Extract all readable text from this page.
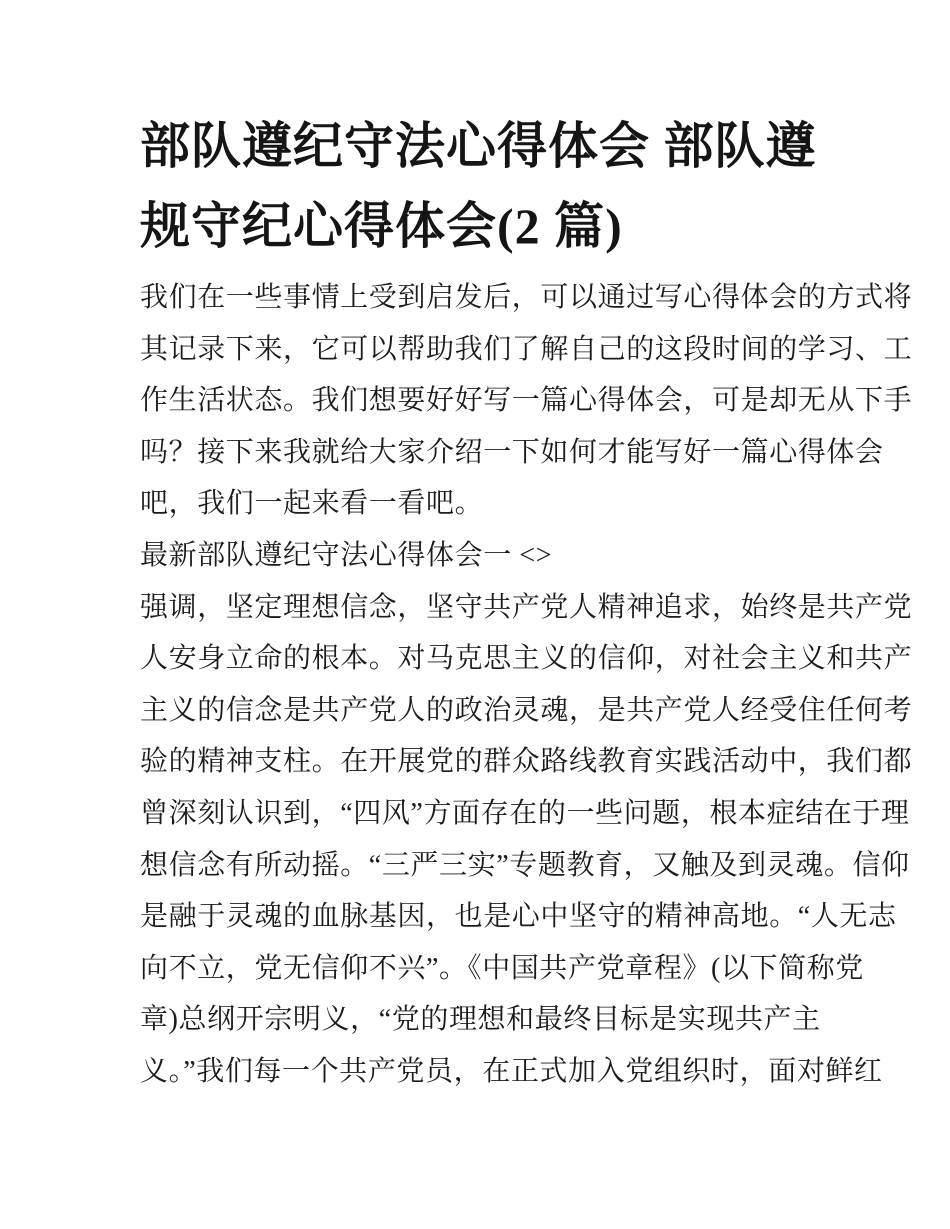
部队遵纪守法心得体会 部队遵
规守纪心得体会(2 篇)
我们在一些事情上受到启发后，可以通过写心得体会的方式将
其记录下来，它可以帮助我们了解自己的这段时间的学习、工
作生活状态。我们想要好好写一篇心得体会，可是却无从下手
吗？接下来我就给大家介绍一下如何才能写好一篇心得体会
吧，我们一起来看一看吧。
最新部队遵纪守法心得体会一 <>
强调，坚定理想信念，坚守共产党人精神追求，始终是共产党
人安身立命的根本。对马克思主义的信仰，对社会主义和共产
主义的信念是共产党人的政治灵魂，是共产党人经受住任何考
验的精神支柱。在开展党的群众路线教育实践活动中，我们都
曾深刻认识到，“四风”方面存在的一些问题，根本症结在于理
想信念有所动摇。“三严三实”专题教育，又触及到灵魂。信仰
是融于灵魂的血脉基因，也是心中坚守的精神高地。“人无志
向不立，党无信仰不兴”。《中国共产党章程》(以下简称党
章)总纲开宗明义，“党的理想和最终目标是实现共产主
义。”我们每一个共产党员，在正式加入党组织时，面对鲜红
